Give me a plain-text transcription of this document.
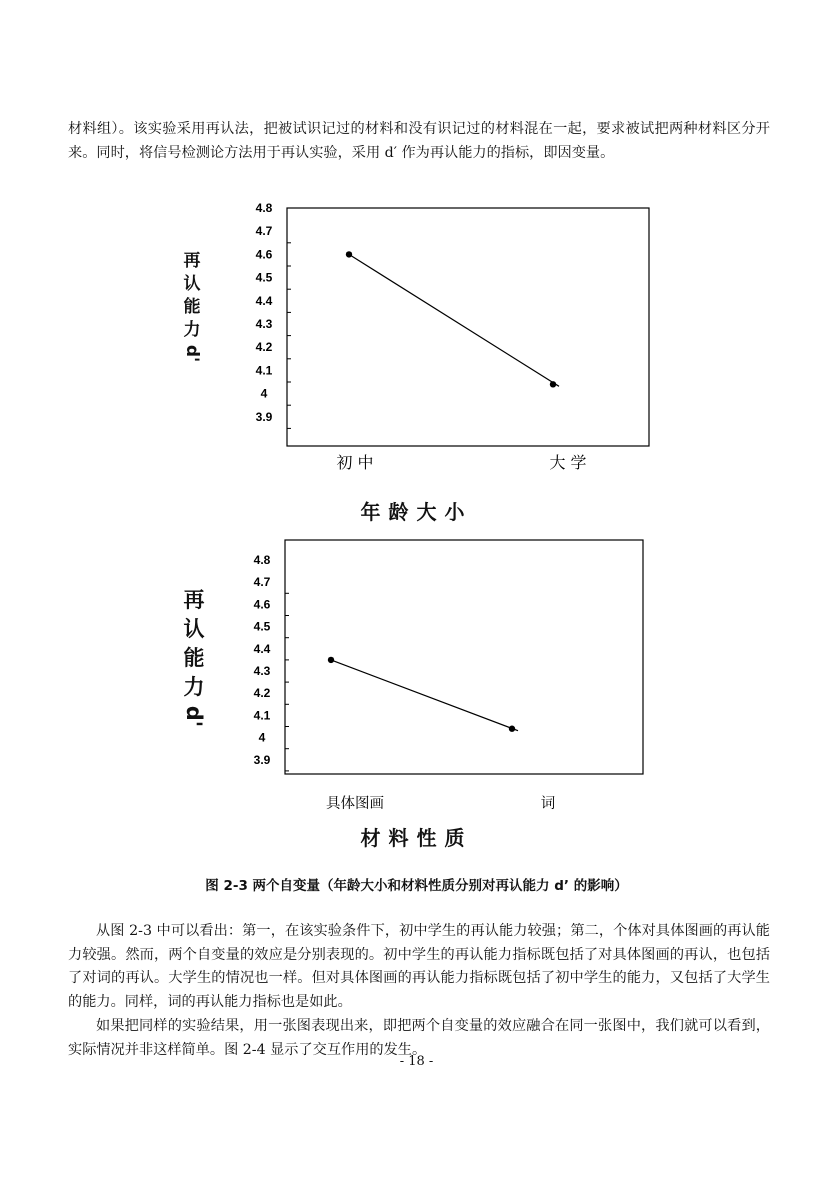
材料组）。该实验采用再认法，把被试识记过的材料和没有识记过的材料混在一起，要求被试把两种材料区分开来。同时，将信号检测论方法用于再认实验，采用 d′ 作为再认能力的指标，即因变量。

再
认
能
力
d'
4.8
4.7
4.6
4.5
4.4
4.3
4.2
4.1
4
3.9
初 中	大 学
年龄大小
再
认
能
力
d'
4.8
4.7
4.6
4.5
4.4
4.3
4.2
4.1
4
3.9
具体图画	词
材料性质
图 2-3 两个自变量（年龄大小和材料性质分别对再认能力 d’ 的影响）

从图 2-3 中可以看出：第一，在该实验条件下，初中学生的再认能力较强；第二，个体对具体图画的再认能力较强。然而，两个自变量的效应是分别表现的。初中学生的再认能力指标既包括了对具体图画的再认，也包括了对词的再认。大学生的情况也一样。但对具体图画的再认能力指标既包括了初中学生的能力，又包括了大学生的能力。同样，词的再认能力指标也是如此。

如果把同样的实验结果，用一张图表现出来，即把两个自变量的效应融合在同一张图中，我们就可以看到，实际情况并非这样简单。图 2-4 显示了交互作用的发生。

- 18 -
